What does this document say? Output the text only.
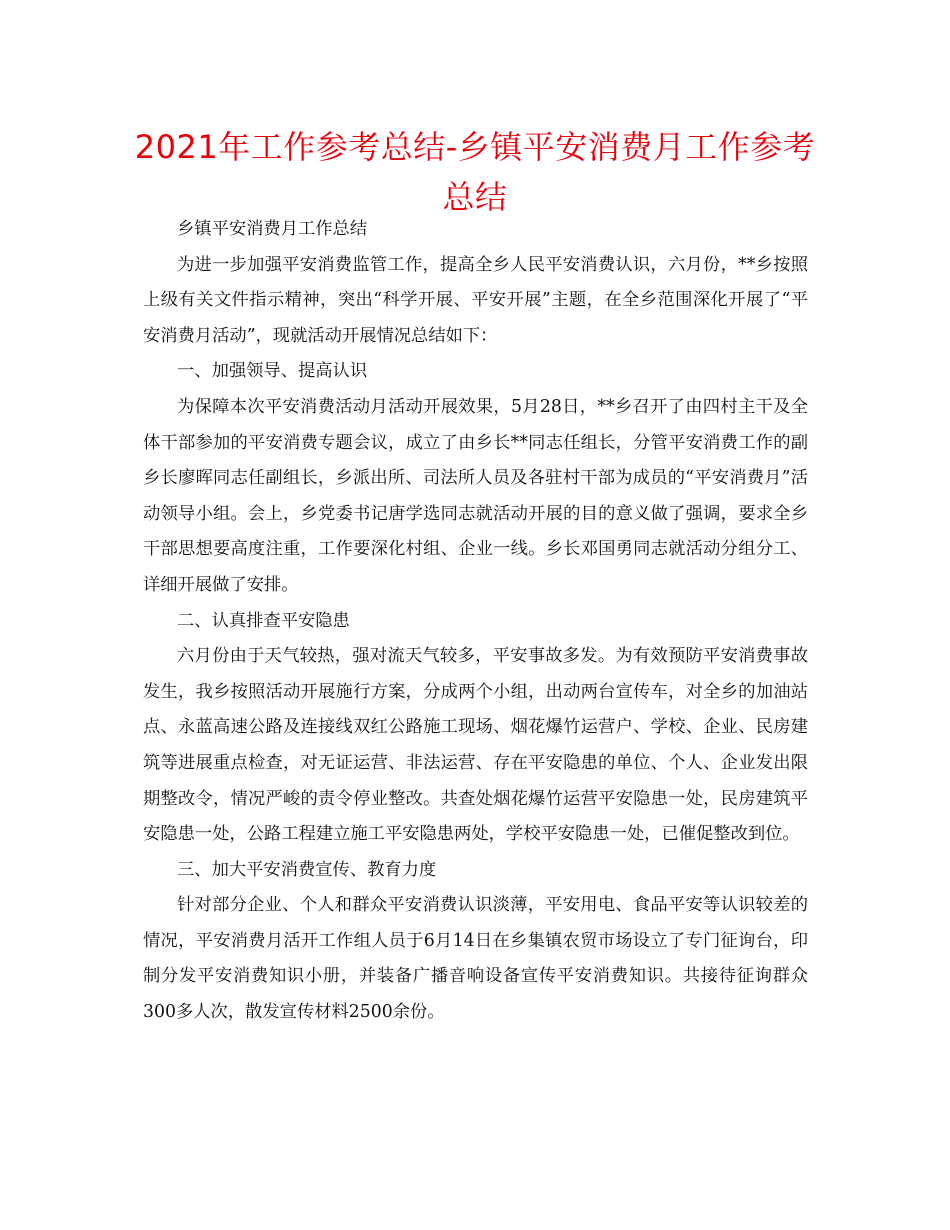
2021年工作参考总结-乡镇平安消费月工作参考总结

乡镇平安消费月工作总结

为进一步加强平安消费监管工作，提高全乡人民平安消费认识，六月份，**乡按照上级有关文件指示精神，突出“科学开展、平安开展”主题，在全乡范围深化开展了“平安消费月活动”，现就活动开展情况总结如下：

一、加强领导、提高认识

为保障本次平安消费活动月活动开展效果，5月28日，**乡召开了由四村主干及全体干部参加的平安消费专题会议，成立了由乡长**同志任组长，分管平安消费工作的副乡长廖晖同志任副组长，乡派出所、司法所人员及各驻村干部为成员的“平安消费月”活动领导小组。会上，乡党委书记唐学选同志就活动开展的目的意义做了强调，要求全乡干部思想要高度注重，工作要深化村组、企业一线。乡长邓国勇同志就活动分组分工、详细开展做了安排。

二、认真排查平安隐患

六月份由于天气较热，强对流天气较多，平安事故多发。为有效预防平安消费事故发生，我乡按照活动开展施行方案，分成两个小组，出动两台宣传车，对全乡的加油站点、永蓝高速公路及连接线双红公路施工现场、烟花爆竹运营户、学校、企业、民房建筑等进展重点检查，对无证运营、非法运营、存在平安隐患的单位、个人、企业发出限期整改令，情况严峻的责令停业整改。共查处烟花爆竹运营平安隐患一处，民房建筑平安隐患一处，公路工程建立施工平安隐患两处，学校平安隐患一处，已催促整改到位。

三、加大平安消费宣传、教育力度

针对部分企业、个人和群众平安消费认识淡薄，平安用电、食品平安等认识较差的情况，平安消费月活开工作组人员于6月14日在乡集镇农贸市场设立了专门征询台，印制分发平安消费知识小册，并装备广播音响设备宣传平安消费知识。共接待征询群众300多人次，散发宣传材料2500余份。
